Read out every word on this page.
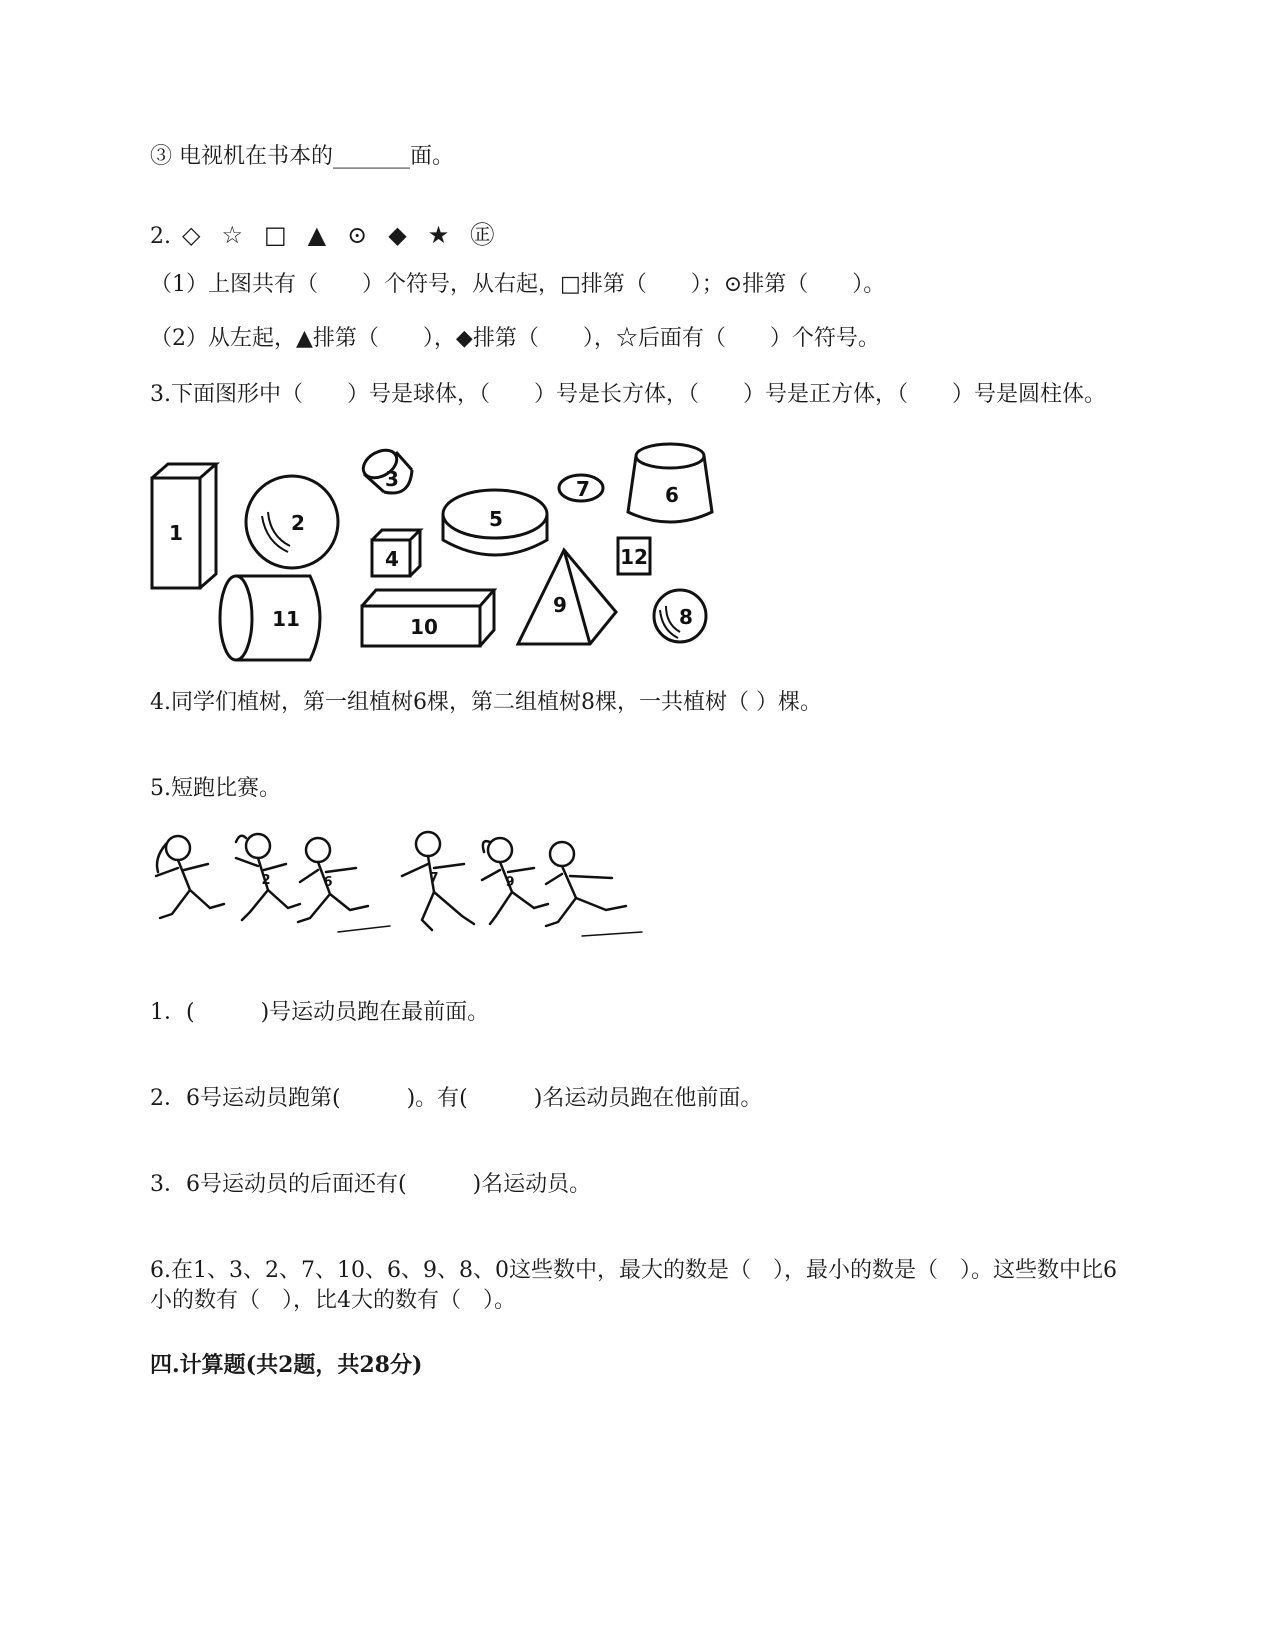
③ 电视机在书本的_______面。
2. ◇ ☆ □ ▲ ⊙ ◆ ★ ㊣
（1）上图共有（　　）个符号，从右起，□排第（　　）；⊙排第（　　）。
（2）从左起，▲排第（　　），◆排第（　　），☆后面有（　　）个符号。
3.下面图形中（　　）号是球体，（　　）号是长方体，（　　）号是正方体，（　　）号是圆柱体。
1	2
3
4
5
6
7
8
9
10
11
12
4.同学们植树，第一组植树6棵，第二组植树8棵，一共植树（ ）棵。
5.短跑比赛。
2	6	7	9
1．(　　　)号运动员跑在最前面。
2．6号运动员跑第(　　　)。有(　　　)名运动员跑在他前面。
3．6号运动员的后面还有(　　　)名运动员。
6.在1、3、2、7、10、6、9、8、0这些数中，最大的数是（　），最小的数是（　）。这些数中比6小的数有（　），比4大的数有（　）。
四.计算题(共2题，共28分)
